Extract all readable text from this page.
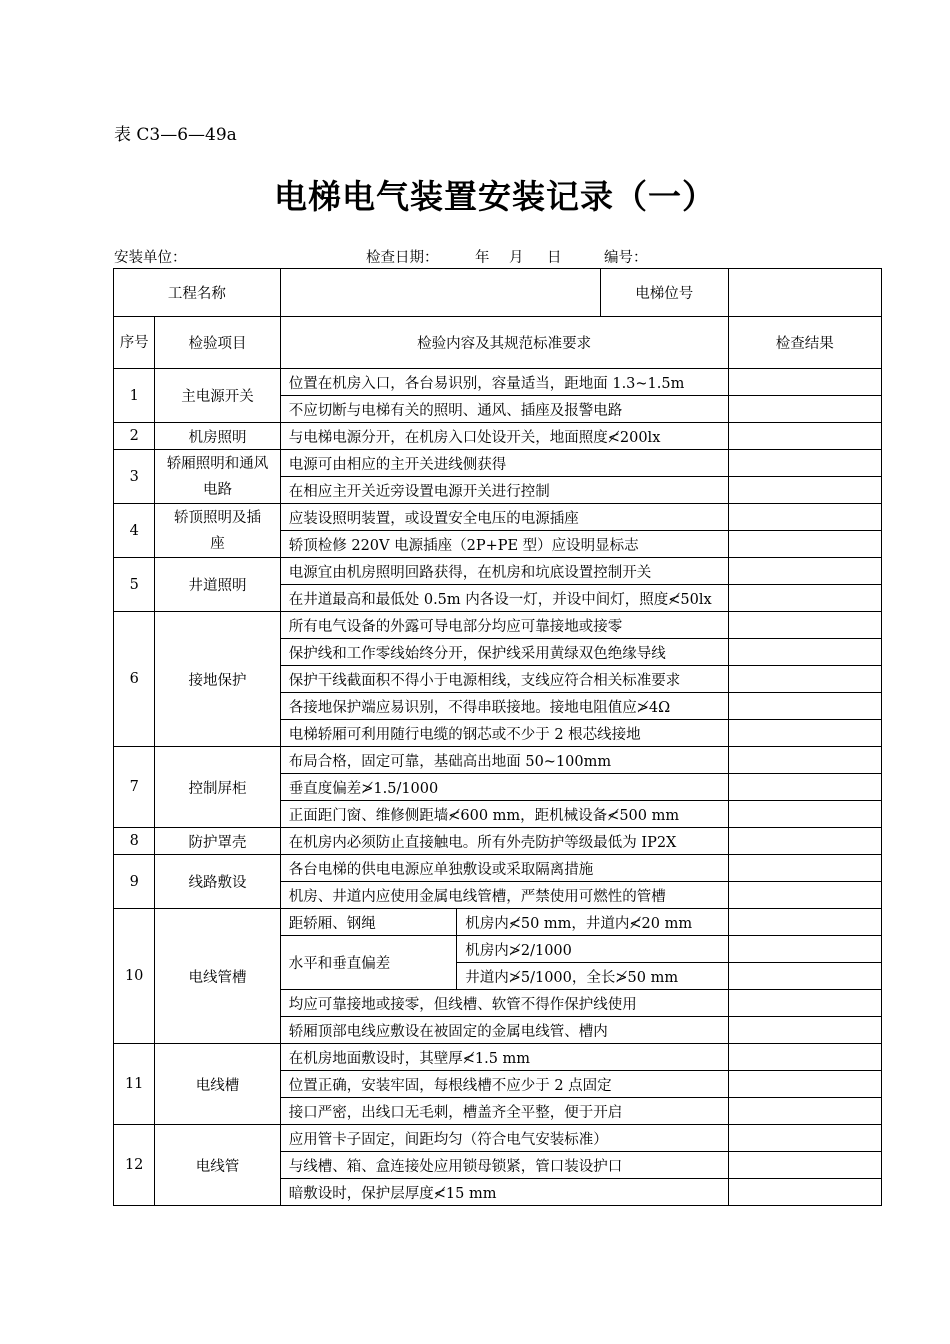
表 C3—6—49a
电梯电气装置安装记录（一）
安装单位：	检查日期：	年 月 日	编号：
工程名称				电梯位号	
序号	检验项目	检验内容及其规范标准要求			检查结果
1	主电源开关	位置在机房入口，各台易识别，容量适当，距地面 1.3~1.5m			
		不应切断与电梯有关的照明、通风、插座及报警电路			
2	机房照明	与电梯电源分开，在机房入口处设开关，地面照度≮200lx			
3	轿厢照明和通风电路	电源可由相应的主开关进线侧获得			
		在相应主开关近旁设置电源开关进行控制			
4	轿顶照明及插座	应装设照明装置，或设置安全电压的电源插座			
		轿顶检修 220V 电源插座（2P+PE 型）应设明显标志			
5	井道照明	电源宜由机房照明回路获得，在机房和坑底设置控制开关			
		在井道最高和最低处 0.5m 内各设一灯，并设中间灯，照度≮50lx			
6	接地保护	所有电气设备的外露可导电部分均应可靠接地或接零			
		保护线和工作零线始终分开，保护线采用黄绿双色绝缘导线			
		保护干线截面积不得小于电源相线，支线应符合相关标准要求			
		各接地保护端应易识别，不得串联接地。接地电阻值应≯4Ω			
		电梯轿厢可利用随行电缆的钢芯或不少于 2 根芯线接地			
7	控制屏柜	布局合格，固定可靠，基础高出地面 50~100mm			
		垂直度偏差≯1.5/1000			
		正面距门窗、维修侧距墙≮600 mm，距机械设备≮500 mm			
8	防护罩壳	在机房内必须防止直接触电。所有外壳防护等级最低为 IP2X			
9	线路敷设	各台电梯的供电电源应单独敷设或采取隔离措施			
		机房、井道内应使用金属电线管槽，严禁使用可燃性的管槽			
10	电线管槽	距轿厢、钢绳	机房内≮50 mm，井道内≮20 mm		
		水平和垂直偏差	机房内≯2/1000		
			井道内≯5/1000，全长≯50 mm		
		均应可靠接地或接零，但线槽、软管不得作保护线使用			
		轿厢顶部电线应敷设在被固定的金属电线管、槽内			
11	电线槽	在机房地面敷设时，其壁厚≮1.5 mm			
		位置正确，安装牢固，每根线槽不应少于 2 点固定			
		接口严密，出线口无毛刺，槽盖齐全平整，便于开启			
12	电线管	应用管卡子固定，间距均匀（符合电气安装标准）			
		与线槽、箱、盒连接处应用锁母锁紧，管口装设护口			
		暗敷设时，保护层厚度≮15 mm			
